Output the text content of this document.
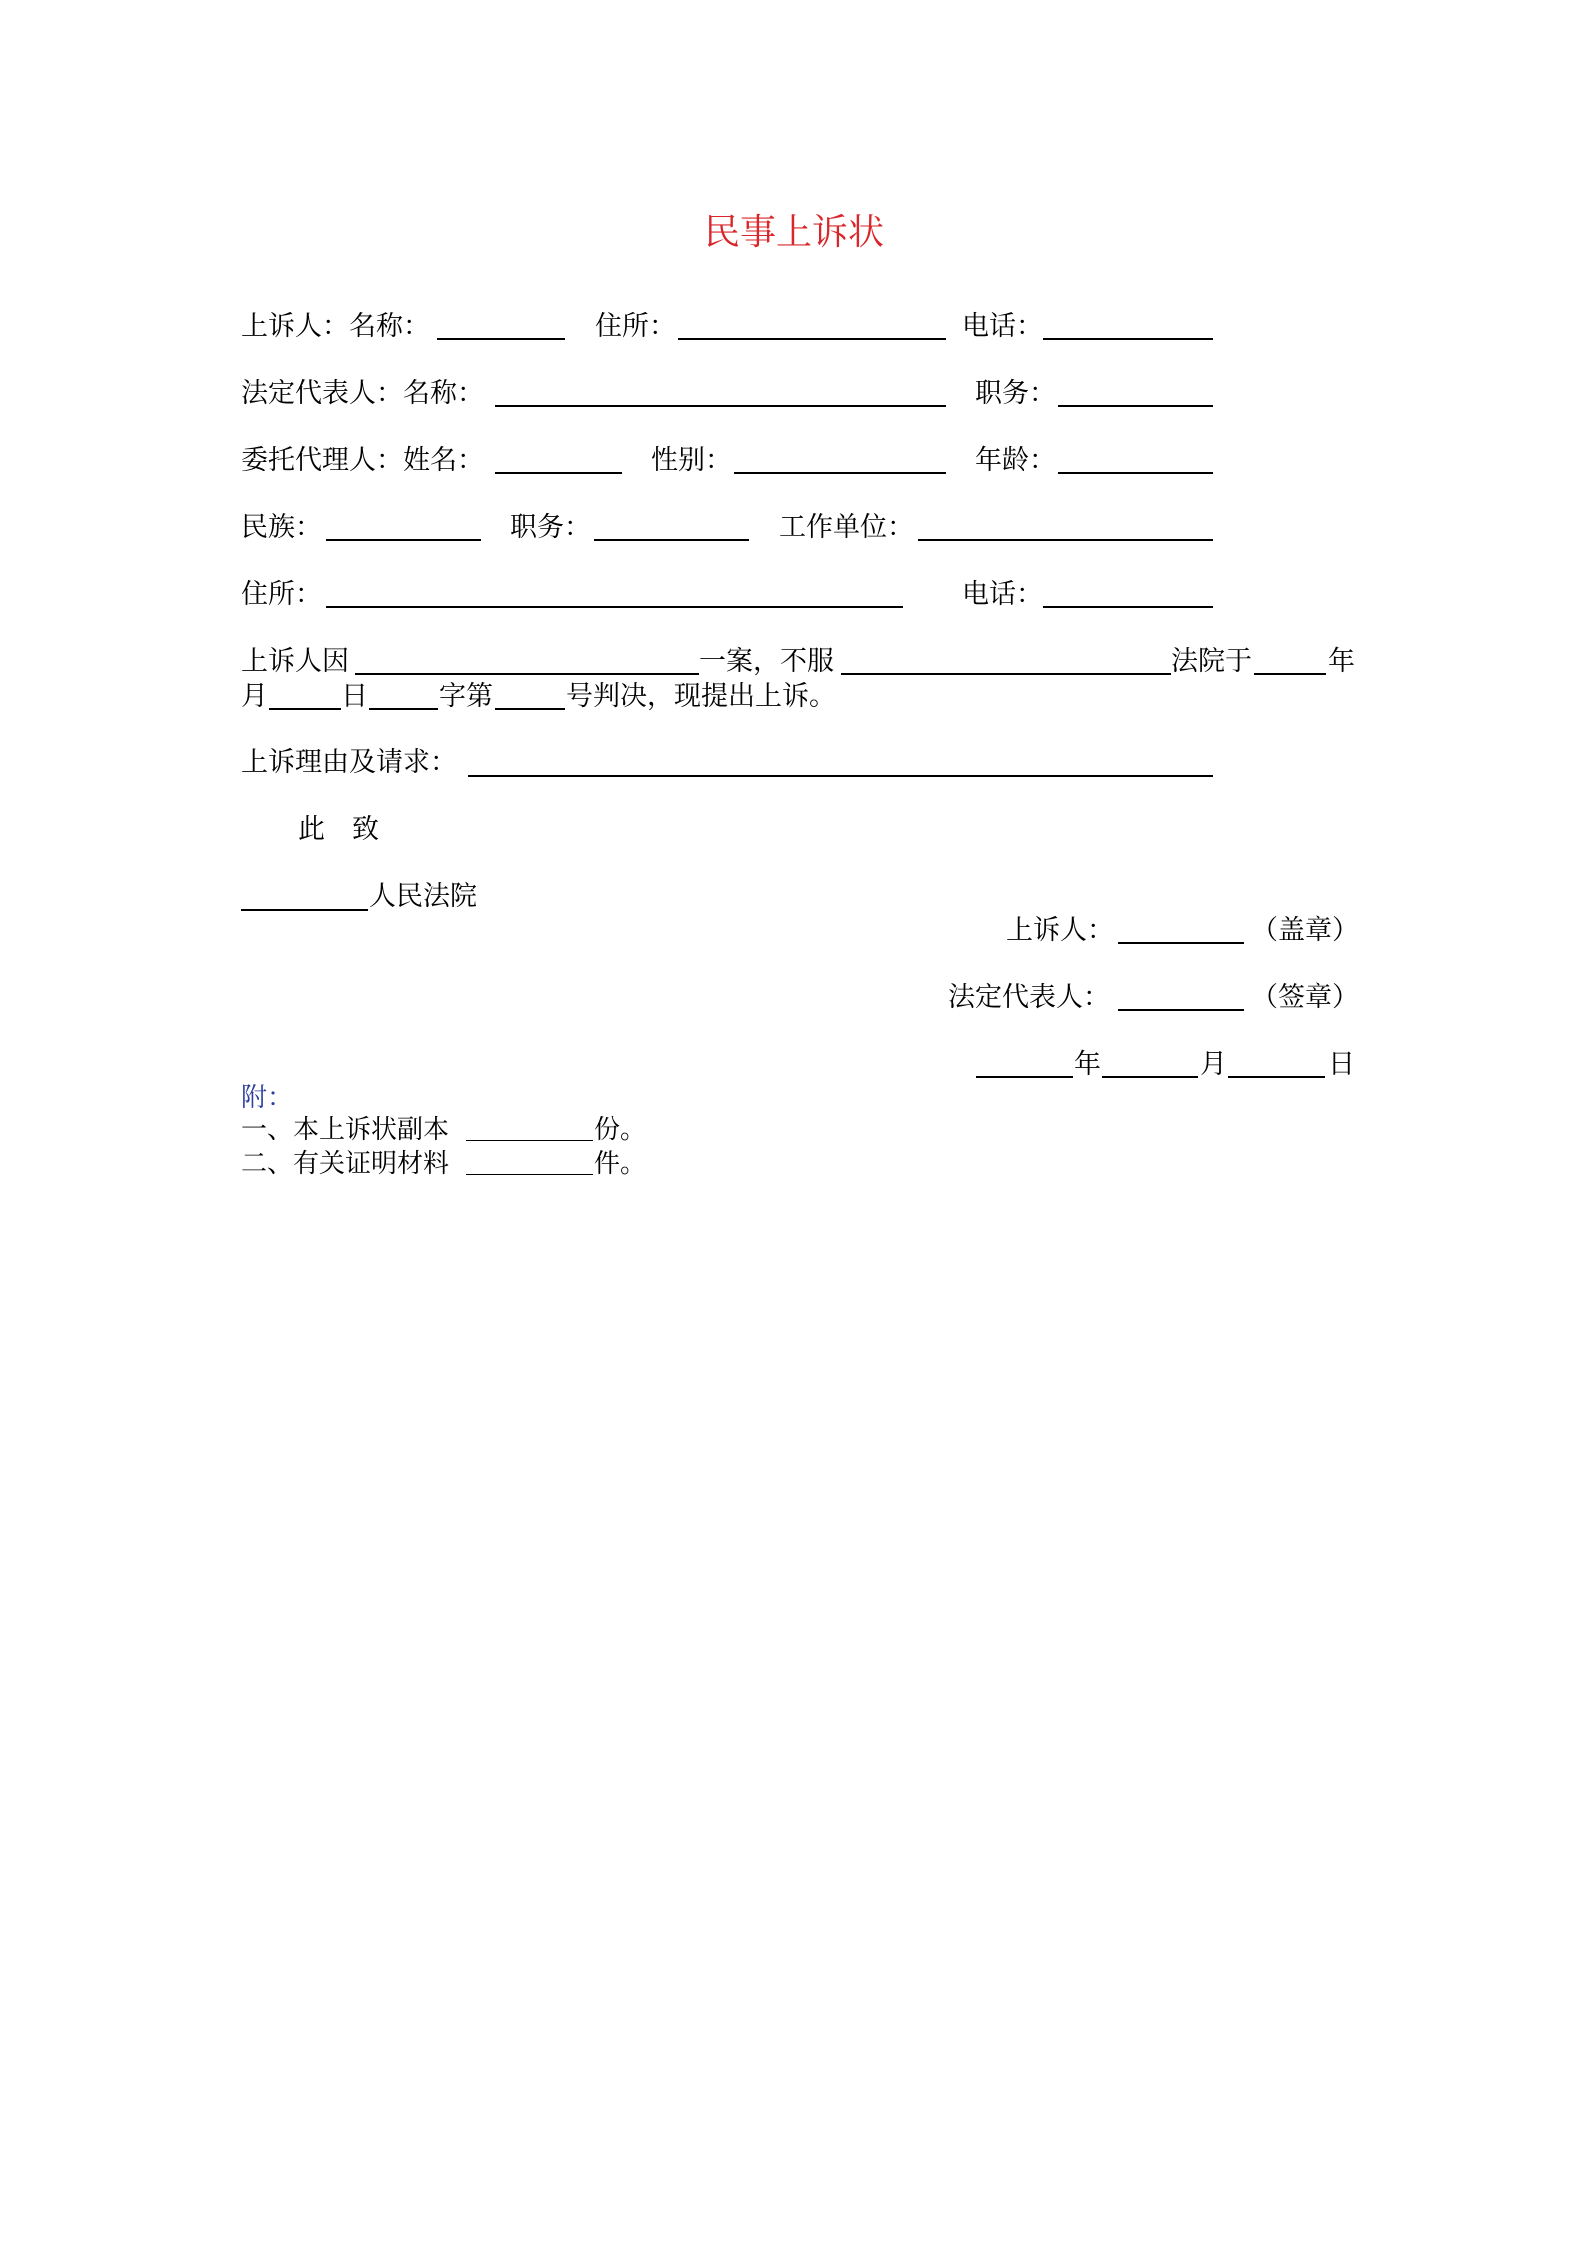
民事上诉状
上诉人：名称：	住所：	电话：
法定代表人：名称：	职务：
委托代理人：姓名：	性别：	年龄：
民族：	职务：	工作单位：
住所：	电话：
上诉人因	一案，不服	法院于	年
月	日	字第	号判决，现提出上诉。
上诉理由及请求：
此　致
人民法院
上诉人：	（盖章）
法定代表人：	（签章）
年	月	日
附：
一、本上诉状副本	份。
二、有关证明材料	件。
